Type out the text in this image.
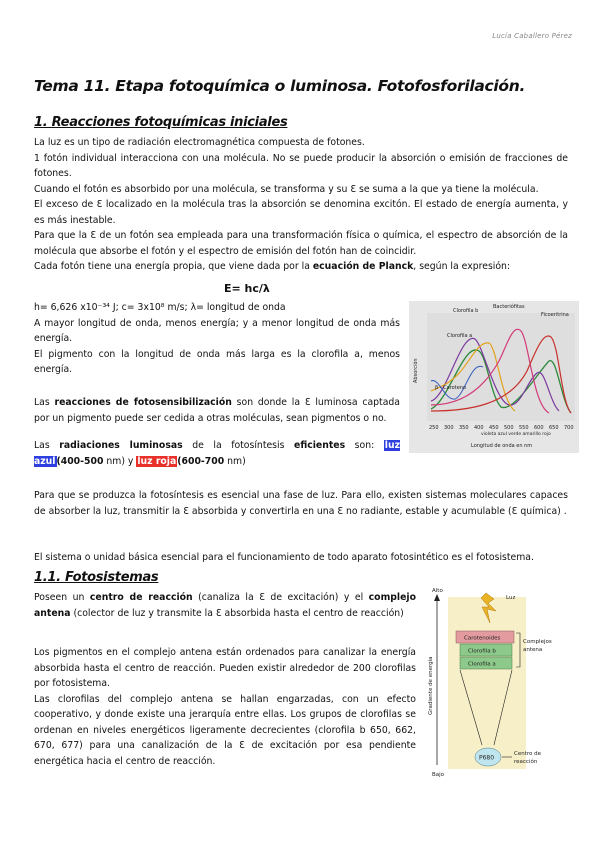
Lucía Caballero Pérez
Tema 11. Etapa fotoquímica o luminosa. Fotofosforilación.
1. Reacciones fotoquímicas iniciales
La luz es un tipo de radiación electromagnética compuesta de fotones.
1 fotón individual interacciona con una molécula. No se puede producir la absorción o emisión de fracciones de fotones.
Cuando el fotón es absorbido por una molécula, se transforma y su Ɛ se suma a la que ya tiene la molécula.
El exceso de Ɛ localizado en la molécula tras la absorción se denomina excitón. El estado de energía aumenta, y es más inestable.
Para que la Ɛ de un fotón sea empleada para una transformación física o química, el espectro de absorción de la molécula que absorbe el fotón y el espectro de emisión del fotón han de coincidir.
Cada fotón tiene una energía propia, que viene dada por la ecuación de Planck, según la expresión:
E= hc/λ
h= 6,626 x10⁻³⁴ J; c= 3x10⁸ m/s; λ= longitud de onda
A mayor longitud de onda, menos energía; y a menor longitud de onda más energía.
El pigmento con la longitud de onda más larga es la clorofila a, menos energía.
Las reacciones de fotosensibilización son donde la Ɛ luminosa captada por un pigmento puede ser cedida a otras moléculas, sean pigmentos o no.
Las radiaciones luminosas de la fotosíntesis eficientes son: luz azul(400-500 nm) y luz roja(600-700 nm)
Para que se produzca la fotosíntesis es esencial una fase de luz. Para ello, existen sistemas moleculares capaces de absorber la luz, transmitir la Ɛ absorbida y convertirla en una Ɛ no radiante, estable y acumulable (Ɛ química) .
El sistema o unidad básica esencial para el funcionamiento de todo aparato fotosintético es el fotosistema.
1.1. Fotosistemas
Poseen un centro de reacción (canaliza la Ɛ de excitación) y el complejo antena (colector de luz y transmite la Ɛ absorbida hasta el centro de reacción)
Los pigmentos en el complejo antena están ordenados para canalizar la energía absorbida hasta el centro de reacción. Pueden existir alrededor de 200 clorofilas por fotosistema.
Las clorofilas del complejo antena se hallan engarzadas, con un efecto cooperativo, y donde existe una jerarquía entre ellas. Los grupos de clorofilas se ordenan en niveles energéticos ligeramente decrecientes (clorofila b 650, 662, 670, 677) para una canalización de la Ɛ de excitación por esa pendiente energética hacia el centro de reacción.
Clorofila b
Bacteriófitas
Ficoeritrina
Clorofila a
β - Caroteno
Absorción
250 300 350 400 450 500 550 600 650 700
violeta azul verde amarillo rojo
Longitud de onda en nm
Alto
Bajo
Gradiente de energía
Luz
Carotenoides
Clorofila b
Clorofila a
Complejos
antena
P680
Centro de
reacción
